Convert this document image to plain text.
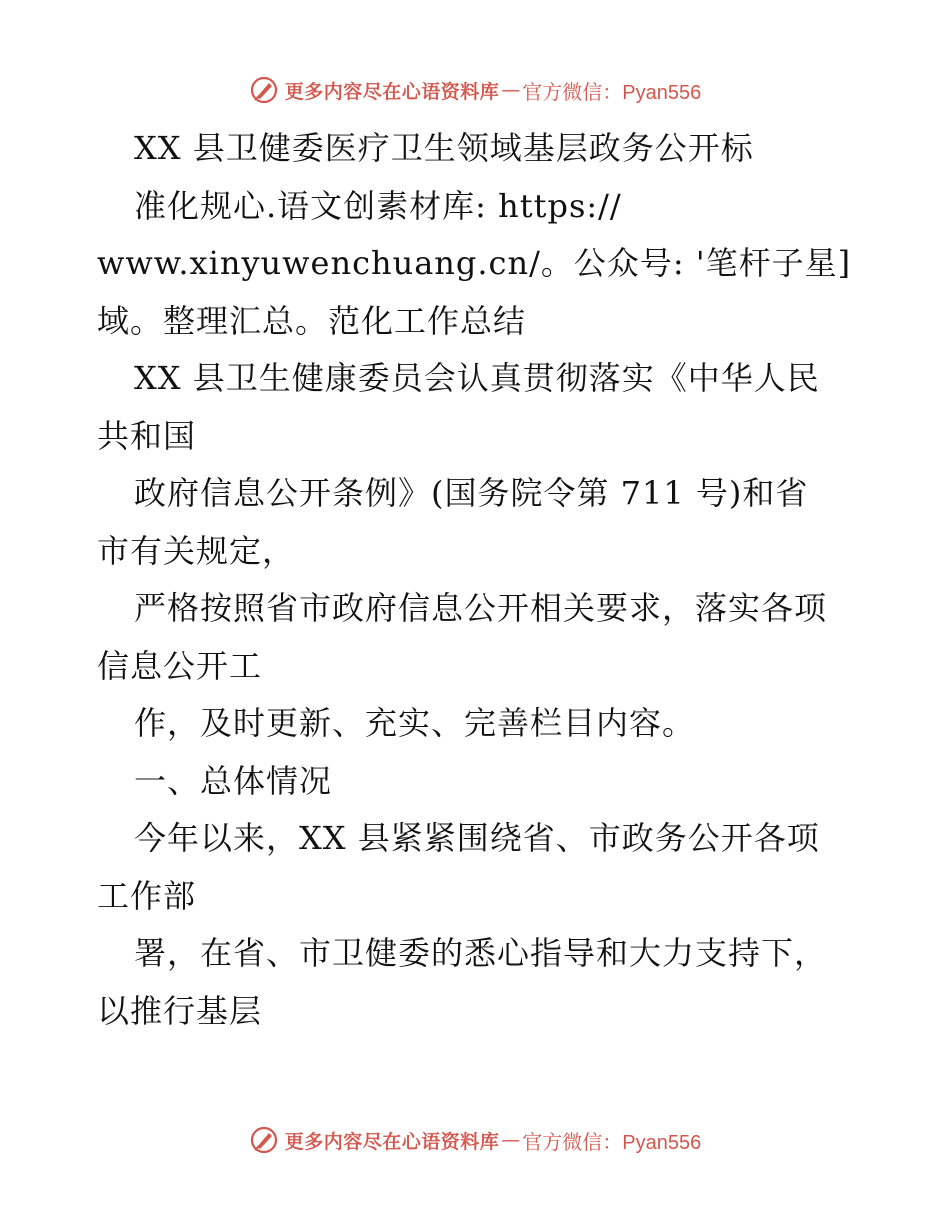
更多内容尽在心语资料库 — 官方微信：Pyan556
XX 县卫健委医疗卫生领域基层政务公开标
准化规心.语文创素材库: https://
www.xinyuwenchuang.cn/。公众号: '笔杆子星]
域。整理汇总。范化工作总结
XX 县卫生健康委员会认真贯彻落实《中华人民
共和国
政府信息公开条例》(国务院令第 711 号)和省
市有关规定，
严格按照省市政府信息公开相关要求，落实各项
信息公开工
作，及时更新、充实、完善栏目内容。
一、总体情况
今年以来，XX 县紧紧围绕省、市政务公开各项
工作部
署，在省、市卫健委的悉心指导和大力支持下，
以推行基层
更多内容尽在心语资料库 — 官方微信：Pyan556
